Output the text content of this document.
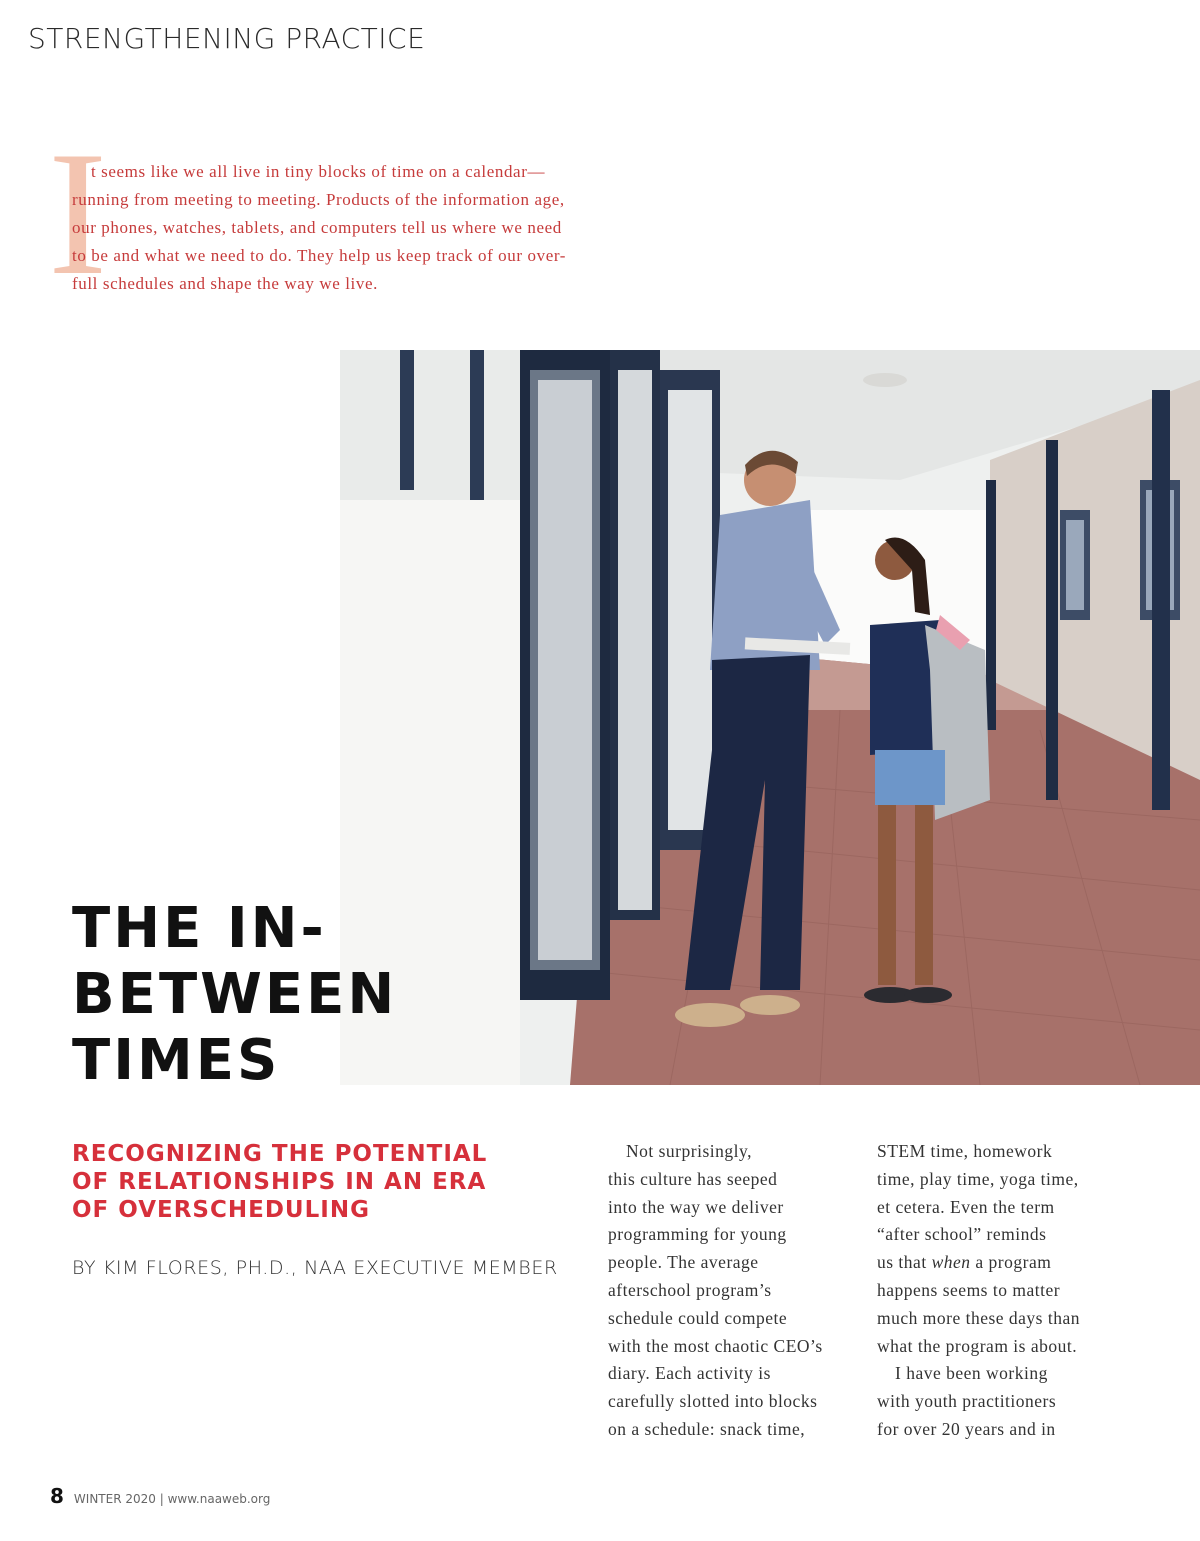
STRENGTHENING PRACTICE
I
t seems like we all live in tiny blocks of time on a calendar—
running from meeting to meeting. Products of the information age,
our phones, watches, tablets, and computers tell us where we need
to be and what we need to do. They help us keep track of our over-
full schedules and shape the way we live.
THE IN-
BETWEEN
TIMES
RECOGNIZING THE POTENTIAL
OF RELATIONSHIPS IN AN ERA
OF OVERSCHEDULING
BY KIM FLORES, PH.D., NAA EXECUTIVE MEMBER
Not surprisingly,
this culture has seeped
into the way we deliver
programming for young
people. The average
afterschool program’s
schedule could compete
with the most chaotic CEO’s
diary. Each activity is
carefully slotted into blocks
on a schedule: snack time,
STEM time, homework
time, play time, yoga time,
et cetera. Even the term
“after school” reminds
us that when a program
happens seems to matter
much more these days than
what the program is about.
I have been working
with youth practitioners
for over 20 years and in
8 WINTER 2020 | www.naaweb.org
